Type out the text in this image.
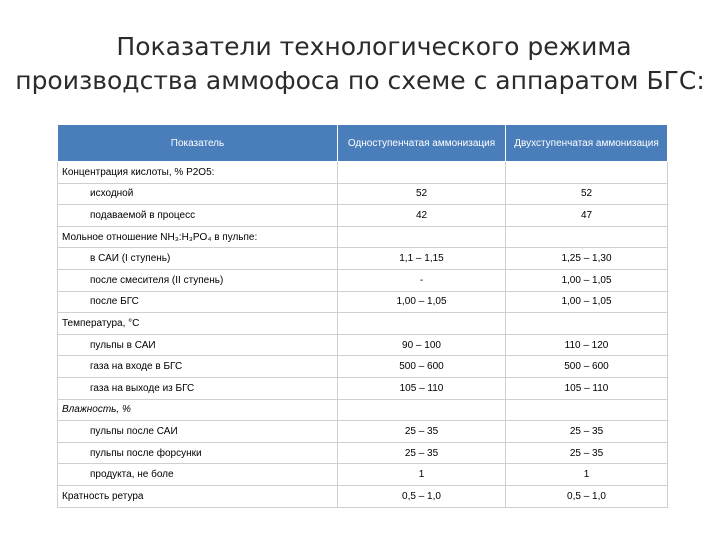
Показатели технологического режима
производства аммофоса по схеме с аппаратом БГС:
Показатель	Одноступенчатая аммонизация	Двухступенчатая аммонизация
Концентрация кислоты, % P2O5:		
исходной	52	52
подаваемой в процесс	42	47
Мольное отношение NH₃:H₃PO₄ в пульпе:		
в САИ (I ступень)	1,1 – 1,15	1,25 – 1,30
после смесителя (II ступень)	-	1,00 – 1,05
после БГС	1,00 – 1,05	1,00 – 1,05
Температура, °C		
пульпы в САИ	90 – 100	110 – 120
газа на входе в БГС	500 – 600	500 – 600
газа на выходе из БГС	105 – 110	105 – 110
Влажность, %		
пульпы после САИ	25 – 35	25 – 35
пульпы после форсунки	25 – 35	25 – 35
продукта, не боле	1	1
Кратность ретура	0,5 – 1,0	0,5 – 1,0
